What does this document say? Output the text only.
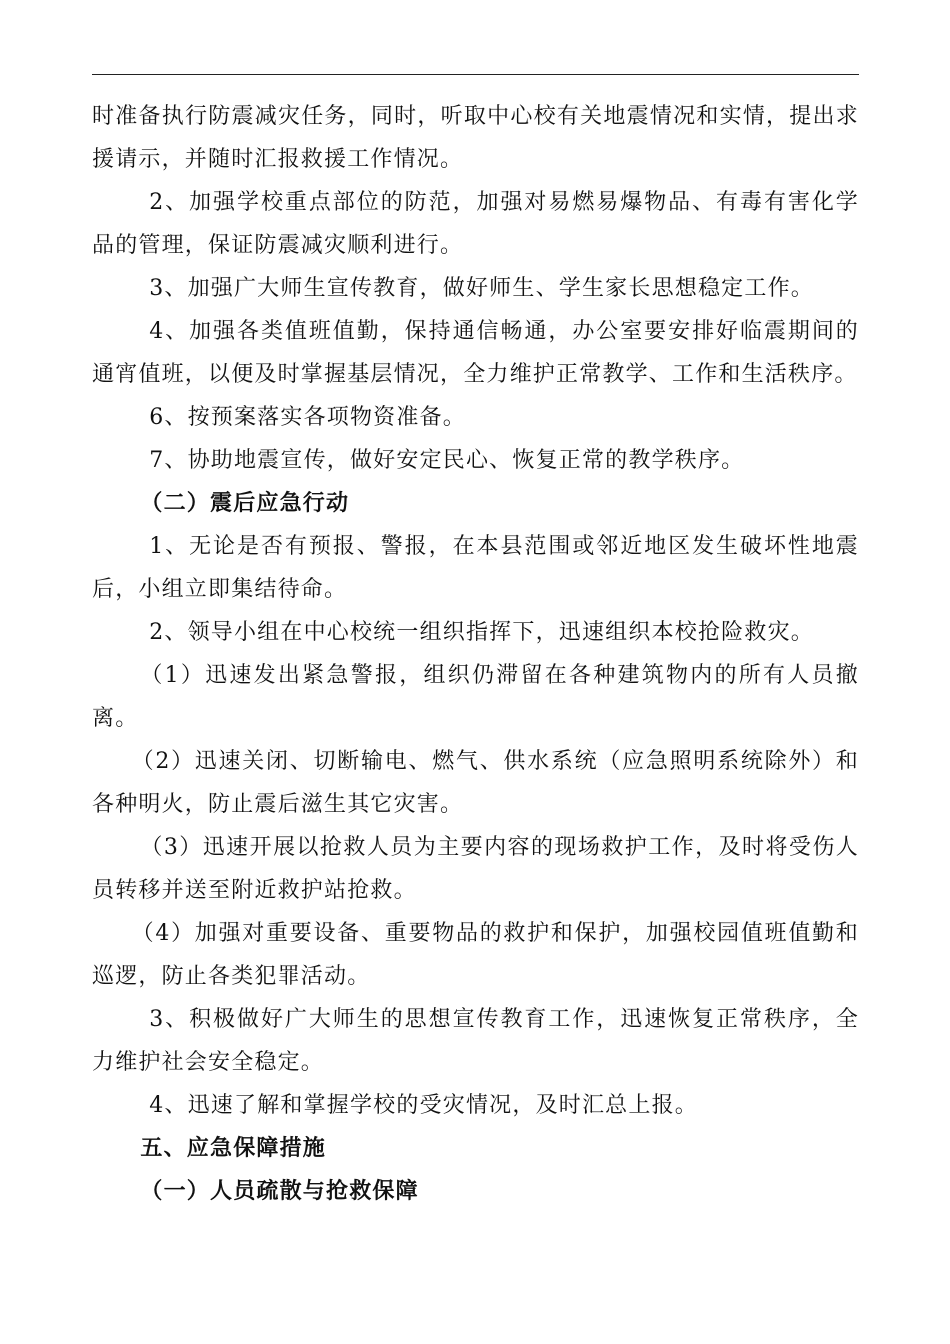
时准备执行防震减灾任务，同时，听取中心校有关地震情况和实情，提出求援请示，并随时汇报救援工作情况。

2、加强学校重点部位的防范，加强对易燃易爆物品、有毒有害化学品的管理，保证防震减灾顺利进行。

3、加强广大师生宣传教育，做好师生、学生家长思想稳定工作。

4、加强各类值班值勤，保持通信畅通，办公室要安排好临震期间的通宵值班，以便及时掌握基层情况，全力维护正常教学、工作和生活秩序。

6、按预案落实各项物资准备。

7、协助地震宣传，做好安定民心、恢复正常的教学秩序。

（二）震后应急行动

1、无论是否有预报、警报，在本县范围或邻近地区发生破坏性地震后，小组立即集结待命。

2、领导小组在中心校统一组织指挥下，迅速组织本校抢险救灾。

（1）迅速发出紧急警报，组织仍滞留在各种建筑物内的所有人员撤离。

（2）迅速关闭、切断输电、燃气、供水系统（应急照明系统除外）和各种明火，防止震后滋生其它灾害。

（3）迅速开展以抢救人员为主要内容的现场救护工作，及时将受伤人员转移并送至附近救护站抢救。

（4）加强对重要设备、重要物品的救护和保护，加强校园值班值勤和巡逻，防止各类犯罪活动。

3、积极做好广大师生的思想宣传教育工作，迅速恢复正常秩序，全力维护社会安全稳定。

4、迅速了解和掌握学校的受灾情况，及时汇总上报。

五、应急保障措施

（一）人员疏散与抢救保障
